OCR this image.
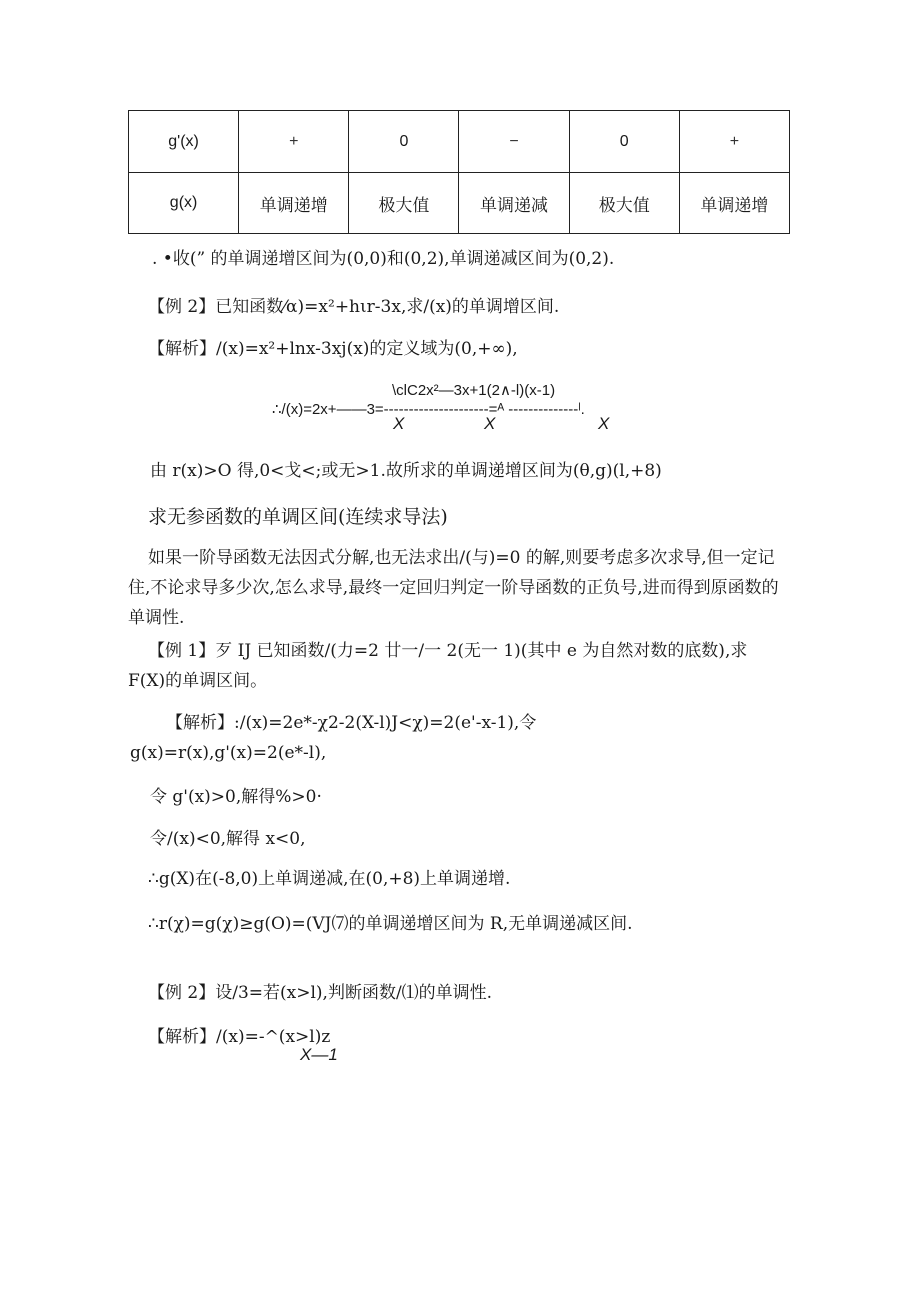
g'(x)	+	0	−	0	+
g(x)	单调递增	极大值	单调递减	极大值	单调递增
. •收(” 的单调递增区间为(0,0)和(0,2),单调递减区间为(0,2).
【例 2】已知函数⁄α)=x²+hιr-3x,求/(x)的单调增区间.
【解析】/(x)=x²+lnx-3xj(x)的定义域为(0,+∞),
\clC2x²—3x+1(2∧-l)(x-1)
∴/(x)=2x+——3=---------------------=ᴬ --------------ˡ.
X	X	X
由 r(x)>O 得,0<戈<;或无>1.故所求的单调递增区间为(θ,g)(l,+8)
求无参函数的单调区间(连续求导法)
如果一阶导函数无法因式分解,也无法求出/(与)=0 的解,则要考虑多次求导,但一定记住,不论求导多少次,怎么求导,最终一定回归判定一阶导函数的正负号,进而得到原函数的单调性.
【例 1】歹 IJ 已知函数/(力=2 廿一/一 2(无一 1)(其中 e 为自然对数的底数),求 F(X)的单调区间。
【解析】:/(x)=2e*-χ2-2(X-l)J<χ)=2(e'-x-1),令
g(x)=r(x),g'(x)=2(e*-l),
令 g'(x)>0,解得%>0·
令/(x)<0,解得 x<0,
∴g(X)在(-8,0)上单调递减,在(0,+8)上单调递增.
∴r(χ)=g(χ)≥g(O)=(VJ⑺的单调递增区间为 R,无单调递减区间.
【例 2】设/3=若(x>l),判断函数/⑴的单调性.
【解析】/(x)=-^(x>l)z
X—1
